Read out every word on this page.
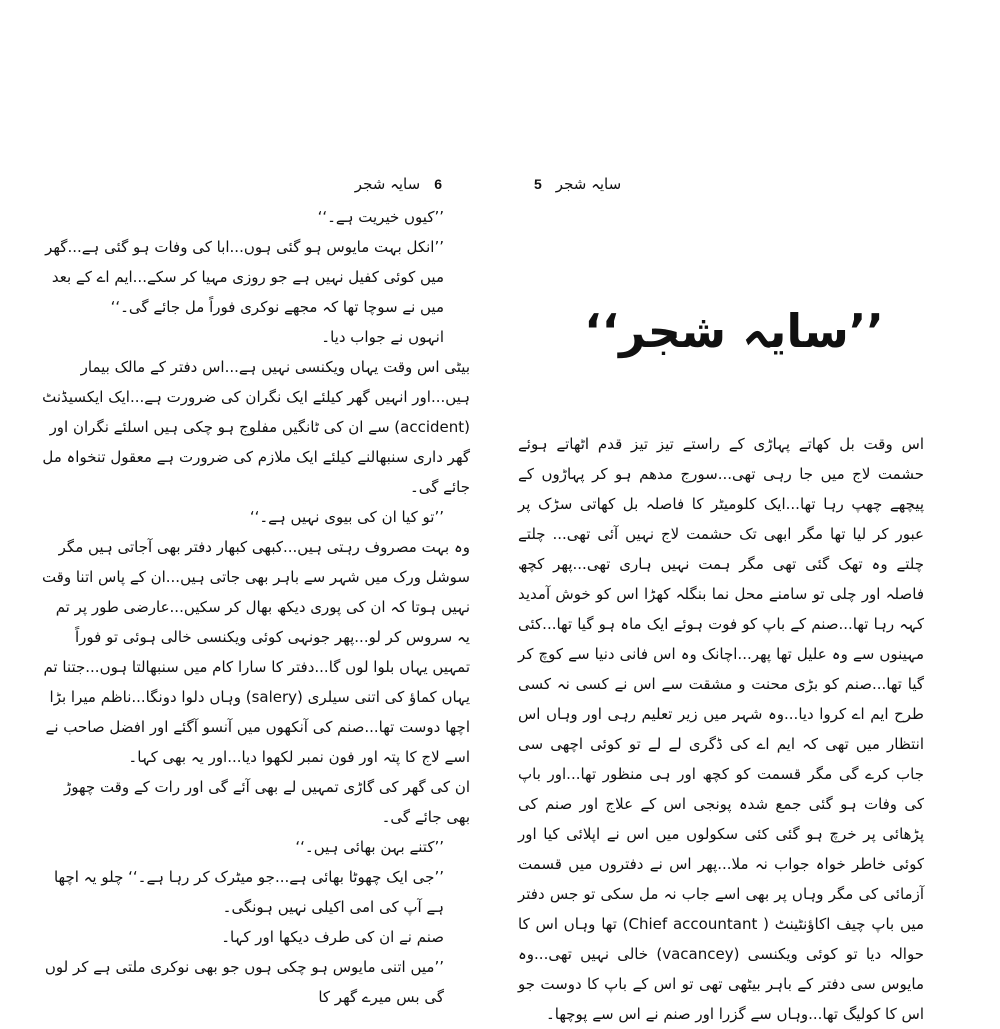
5 سایہ شجر
’’سایہ شجر‘‘

اس وقت بل کھاتے پہاڑی کے راستے تیز تیز قدم اٹھاتے ہوئے حشمت لاج میں جا رہی تھی...سورج مدھم ہو کر پہاڑوں کے پیچھے چھپ رہا تھا...ایک کلومیٹر کا فاصلہ بل کھاتی سڑک پر عبور کر لیا تھا مگر ابھی تک حشمت لاج نہیں آئی تھی... چلتے چلتے وہ تھک گئی تھی مگر ہمت نہیں ہاری تھی...پھر کچھ فاصلہ اور چلی تو سامنے محل نما بنگلہ کھڑا اس کو خوش آمدید کہہ رہا تھا...صنم کے باپ کو فوت ہوئے ایک ماہ ہو گیا تھا...کئی مہینوں سے وہ علیل تھا پھر...اچانک وہ اس فانی دنیا سے کوچ کر گیا تھا...صنم کو بڑی محنت و مشقت سے اس نے کسی نہ کسی طرح ایم اے کروا دیا...وہ شہر میں زیر تعلیم رہی اور وہاں اس انتظار میں تھی کہ ایم اے کی ڈگری لے لے تو کوئی اچھی سی جاب کرے گی مگر قسمت کو کچھ اور ہی منظور تھا...اور باپ کی وفات ہو گئی جمع شدہ پونجی اس کے علاج اور صنم کی پڑھائی پر خرچ ہو گئی کئی سکولوں میں اس نے اپلائی کیا اور کوئی خاطر خواہ جواب نہ ملا...پھر اس نے دفتروں میں قسمت آزمائی کی مگر وہاں پر بھی اسے جاب نہ مل سکی تو جس دفتر میں باپ چیف اکاؤنٹینٹ ( Chief accountant) تھا وہاں اس کا حوالہ دیا تو کوئی ویکنسی (vacancey) خالی نہیں تھی...وہ مایوس سی دفتر کے باہر بیٹھی تھی تو اس کے باپ کا دوست جو اس کا کولیگ تھا...وہاں سے گزرا اور صنم نے اس سے پوچھا۔

سایہ شجر 6

’’کیوں خیریت ہے۔‘‘

’’انکل بہت مایوس ہو گئی ہوں...ابا کی وفات ہو گئی ہے...گھر میں کوئی کفیل نہیں ہے جو روزی مہیا کر سکے...ایم اے کے بعد میں نے سوچا تھا کہ مجھے نوکری فوراً مل جائے گی۔‘‘

انہوں نے جواب دیا۔

بیٹی اس وقت یہاں ویکنسی نہیں ہے...اس دفتر کے مالک بیمار ہیں...اور انہیں گھر کیلئے ایک نگران کی ضرورت ہے...ایک ایکسیڈنٹ (accident) سے ان کی ٹانگیں مفلوج ہو چکی ہیں اسلئے نگران اور گھر داری سنبھالنے کیلئے ایک ملازم کی ضرورت ہے معقول تنخواہ مل جائے گی۔

’’تو کیا ان کی بیوی نہیں ہے۔‘‘

وہ بہت مصروف رہتی ہیں...کبھی کبھار دفتر بھی آجاتی ہیں مگر سوشل ورک میں شہر سے باہر بھی جاتی ہیں...ان کے پاس اتنا وقت نہیں ہوتا کہ ان کی پوری دیکھ بھال کر سکیں...عارضی طور پر تم یہ سروس کر لو...پھر جونہی کوئی ویکنسی خالی ہوئی تو فوراً تمہیں یہاں بلوا لوں گا...دفتر کا سارا کام میں سنبھالتا ہوں...جتنا تم یہاں کماؤ کی اتنی سیلری (salery) وہاں دلوا دونگا...ناظم میرا بڑا اچھا دوست تھا...صنم کی آنکھوں میں آنسو آگئے اور افضل صاحب نے اسے لاج کا پتہ اور فون نمبر لکھوا دیا...اور یہ بھی کہا۔

ان کی گھر کی گاڑی تمہیں لے بھی آئے گی اور رات کے وقت چھوڑ بھی جائے گی۔

’’کتنے بہن بھائی ہیں۔‘‘

’’جی ایک چھوٹا بھائی ہے...جو میٹرک کر رہا ہے۔‘‘ چلو یہ اچھا ہے آپ کی امی اکیلی نہیں ہونگی۔

صنم نے ان کی طرف دیکھا اور کہا۔

’’میں اتنی مایوس ہو چکی ہوں جو بھی نوکری ملتی ہے کر لوں گی بس میرے گھر کا
